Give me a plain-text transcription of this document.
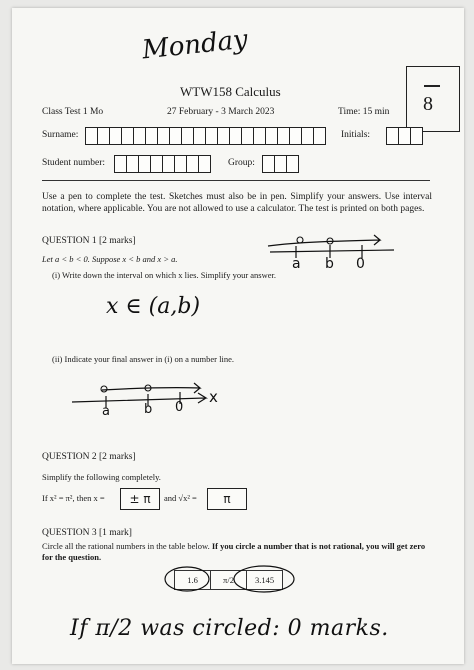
Monday
WTW158 Calculus
8
Class Test 1 Mo	27 February - 3 March 2023	Time: 15 min
Surname:	Initials:
Student number:	Group:
Use a pen to complete the test. Sketches must also be in pen. Simplify your answers. Use interval notation, where applicable. You are not allowed to use a calculator. The test is printed on both pages.
QUESTION 1 [2 marks]
Let a < b < 0. Suppose x < b and x > a.
(i) Write down the interval on which x lies. Simplify your answer.
a b 0
x ∈ (a,b)
(ii) Indicate your final answer in (i) on a number line.
x
a	b 0
QUESTION 2 [2 marks]
Simplify the following completely.
If x² = π², then x =	± π	and √x² =	π
QUESTION 3 [1 mark]
Circle all the rational numbers in the table below. If you circle a number that is not rational, you will get zero for the question.
1.6	π/2	3.145
If π/2 was circled: 0 marks.
